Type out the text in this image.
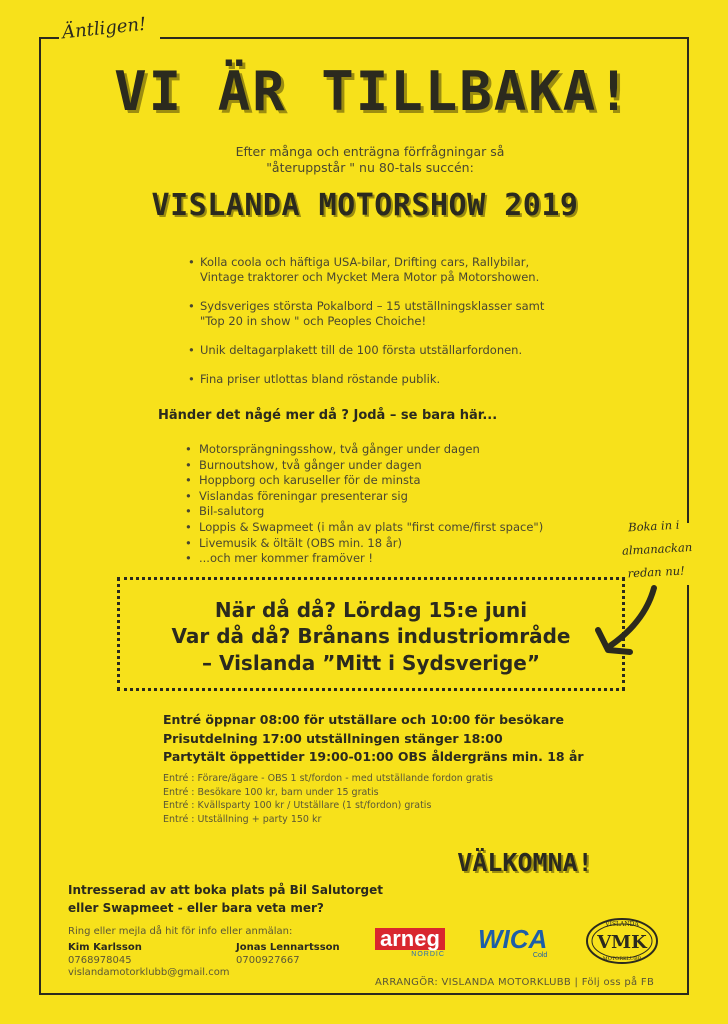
Äntligen!
VI ÄR TILLBAKA!
Efter många och enträgna förfrågningar så
"återuppstår " nu 80-tals succén:
VISLANDA MOTORSHOW 2019
• Kolla coola och häftiga USA-bilar, Drifting cars, Rallybilar,
Vintage traktorer och Mycket Mera Motor på Motorshowen.
• Sydsveriges största Pokalbord – 15 utställningsklasser samt
"Top 20 in show " och Peoples Choiche!
• Unik deltagarplakett till de 100 första utställarfordonen.
• Fina priser utlottas bland röstande publik.
Händer det någé mer då ? Jodå – se bara här...
• Motorsprängningsshow, två gånger under dagen
• Burnoutshow, två gånger under dagen
• Hoppborg och karuseller för de minsta
• Vislandas föreningar presenterar sig
• Bil-salutorg
• Loppis & Swapmeet (i mån av plats "first come/first space")
• Livemusik & öltält (OBS min. 18 år)
• ...och mer kommer framöver !
Boka in i
almanackan
redan nu!
När då då? Lördag 15:e juni
Var då då? Brånans industriområde
– Vislanda ”Mitt i Sydsverige”
Entré öppnar 08:00 för utställare och 10:00 för besökare
Prisutdelning 17:00 utställningen stänger 18:00
Partytält öppettider 19:00-01:00 OBS åldergräns min. 18 år
Entré : Förare/ägare - OBS 1 st/fordon - med utställande fordon gratis
Entré : Besökare 100 kr, barn under 15 gratis
Entré : Kvällsparty 100 kr / Utställare (1 st/fordon) gratis
Entré : Utställning + party 150 kr
VÄLKOMNA!
Intresserad av att boka plats på Bil Salutorget
eller Swapmeet - eller bara veta mer?
Ring eller mejla då hit för info eller anmälan:
Kim Karlsson
0768978045
Jonas Lennartsson
0700927667
vislandamotorklubb@gmail.com
arneg
NORDIC
WICA
Cold
VISLANDA
VMK
MOTORKLUBB
ARRANGÖR: VISLANDA MOTORKLUBB | Följ oss på FB
